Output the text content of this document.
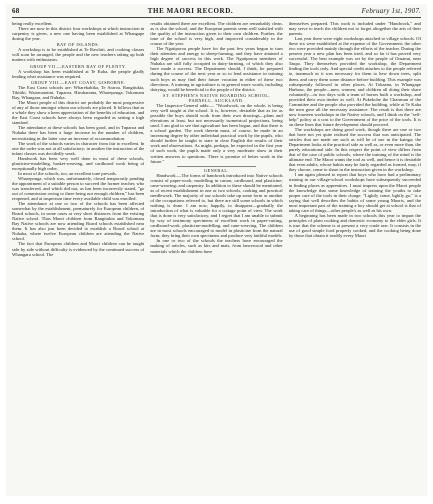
68	THE MAORI RECORD.	February 1st, 1907.

being really excellent.

There are now in this district four workshops at which instruction in carpentry is given, a new one having been established at Whangape during the year.

BAY OF ISLANDS.

A workshop is to be established at Te Rawhiti, and cooking classes will soon be arranged, the people and the new teachers taking up both matters with enthusiasm.

GROUP VII.—EASTERN BAY OF PLENTY.

A workshop has been established at Te Kaha, the people gladly lending what assistance was required.

GROUP VIII.—EAST COAST, GISBORNE.

The East Coast schools are: Wharekahika, Te Araroa, Rangitukia, Tikitiki, Waiomatatini, Tuparoa, Hiruharama, Whareponga, Tokomaru Bay, Whangara, and Nuhaka.

The Maori people of this district are probably the most progressive of any of those amongst whom our schools are placed. It follows that as a whole they show a keen appreciation of the benefits of education, and the East Coast schools have always been regarded as setting a high standard.

The attendance at these schools has been good, and in Tuparoa and Nuhaka there has been a large increase in the number of children, necessitating in the latter case an increase of accommodation.

The work of the schools varies in character from fair to excellent. In one the order was not at all satisfactory; in another the instruction of the infant classes was decidedly weak.

Handwork has been very well done in most of these schools, plasticine-modelling, basket-weaving, and cardboard work being of exceptionally high order.

In most of the schools, too, an excellent tone prevails.

Whareponga, which was, unfortunately, closed temporarily pending the appointment of a suitable person to succeed the former teacher, who was transferred, and which did not, as has been incorrectly stated, "go out of commission owing to there being not enough children," has been reopened, and at inspection time every available child was enrolled.

The attendance at one or two of the schools has been affected somewhat by the establishment, prematurely for European children, of Board schools, in some cases at very short distances from the existing Native school. Thus Maori children from Rangitukia and Tokomaru Bay Native schools are now attending Board schools established near them. It has also just been decided to establish a Board school at Nuhaka, where twelve European children are attending the Native school.

The fact that European children and Maori children can be taught side by side without difficulty is evidenced by the continued success of Whangara school. The

results obtained there are excellent. The children are remarkably clean, as is also the school, and the European parents seem well satisfied with the quality of the instruction given to their own children. Further, the tone of the school is very high, and improved considerably in the course of the year.

The Ngatiporou people have for the past few years begun to turn their attention and energy to sheep-farming, and they have attained a high degree of success in this work. The Ngatiporou members of Nuhaka are still fully occupied in dairy-farming, of which they also have made a success. The Department should, I think, be prepared during the course of the next year or so to lend assistance in training such boys as may find their future vocation in either of these two directions. A training in agriculture is in general more worth, including dairying, would be beneficial to the people of the district.

ST. STEPHEN'S NATIVE BOARDING SCHOOL, PARNELL, AUCKLAND.

The Inspector-General adds:— "Woodwork, on the whole, is being very well taught at the school. It is, however, desirable that as far as possible the boys should work from their own drawings—plans and elevations at least, but not necessarily isometrical projections, being used. I am glad to see that agriculture has been begun, and that there is a school garden. The work therein must, of course, be made in an increasing degree by other individual practical work by the pupils, who should further be taught to state in clear English the results of their work and observations. As might, perhaps, be expected in the first year of such work, the pupils made only a very moderate show in their written answers to questions. There is promise of better work in the future."

GENERAL.

Handwork.—The forms of handwork introduced into Native schools consist of paper-work; modelling in carton, cardboard, and plasticine; cane-weaving; and carpentry. In addition to these should be mentioned, as of recent establishment in one or two schools, cooking and practical needlework. The majority of our schools take up some form or another of the occupations referred to, but there are still some schools in which nothing is done. I am now, happily, to disappear—gradually the introduction of what is valuable for a cottage point of view. The work that is done is very satisfactory, and I regret that I am unable to submit by way of testimony specimens of excellent work in paper-cutting, cardboard-work, plasticine-modelling, and cane-weaving. The children are in most schools encouraged to model in plasticine from the natural form; they bring their own specimens and produce very faithful models.

In one or two of the schools the teachers have encouraged the making of articles, such as kits and mats, from lancewood and other materials which the children have

themselves prepared. This work is included under "Handwork," and may serve to teach the children not to forget altogether the arts of their parents.

Last year there were eight workshops attached to village schools. Of these six were established at the expense of the Government; the other two were provided mainly through the efforts of the teacher. During the present year a new plan has been tried, and so far it has proved very successful. The best example was set by the people of Oruanui, near Taupo. They themselves provided the workshop, the Department finding the tools only. And special credit attaches to the people referred to, inasmuch as it was necessary for them to hew down trees, split them, and carry them some distance before building. This example was subsequently followed in other places. At Tokaanu, in Whangape Harbour, the people—men, women, and children all doing their share voluntarily—in two days with a team of horses built a workshop, and provided their own timber as well. At Pukekohe the Chairman of the Committee and the people also provided the building, while at Te Kaha the men gave all the necessary assistance. The result is that there are now fourteen workshops in the Native schools, and I think on the "self-help" policy at a cost to the Government of the price of the tools. It is on these lines that future development should proceed.

The workshops are doing good work, though there are one or two that have not yet quite realised the success that was anticipated. The articles that are made are such as will be of use in the kainga; the Department looks at the practical side as well as, or even more than, the purely educational side. In this respect the point of view differs from that of the case of public schools, where the training of the mind is the ultimate end. The Maori wants the tool as well, and hence it is desirable that even adults, whose habits may be fairly regarded as formed, may, if they choose, come to share in the instruction given in the workshop.

I am again pleased to report that boys who have had a preliminary training in our village-school workshops have subsequently succeeded in finding places as apprentices. I must impress upon the Maori people the knowledge that some knowledge of training the youths to take proper care of the tools in their charge. "Lightly come, lightly go," is a saying that well describes the habits of some young Maoris, and the most important part of the training a boy should get at school is that of taking care of things—other people's as well as his own.

A beginning has been made in two schools this year to impart the principles of plain cooking and domestic economy to the elder girls. It is true that the scheme is at present a very crude one. It consists in the use of good simple food properly cooked, and the cooking being done by those that obtain it readily every Maori
